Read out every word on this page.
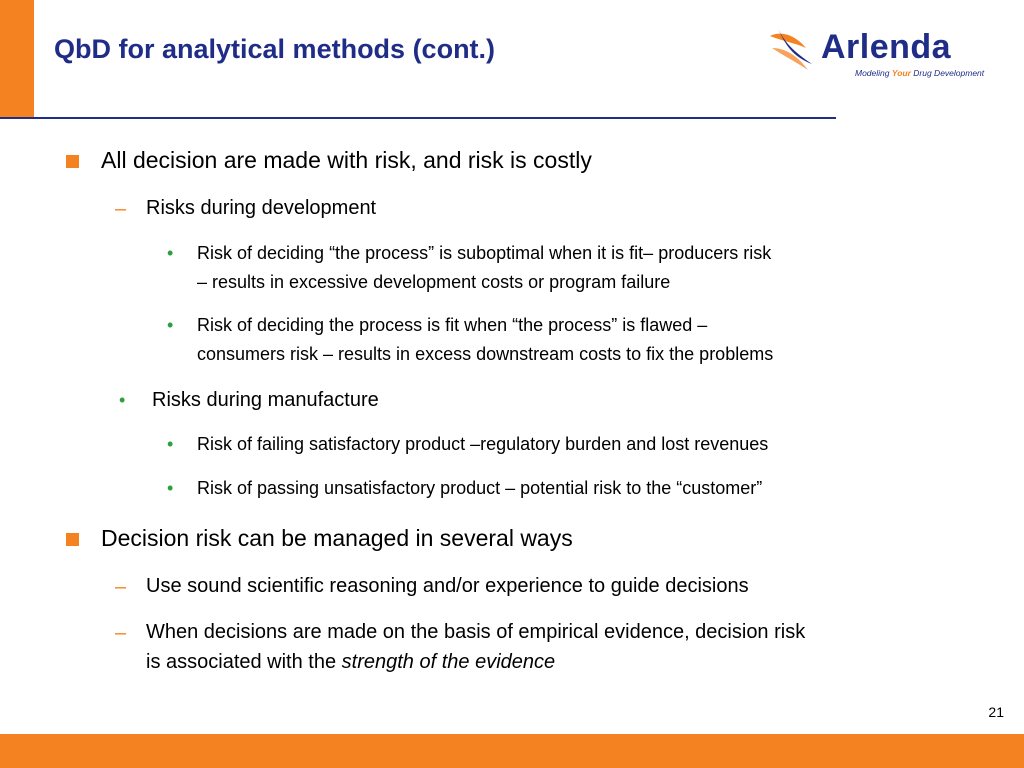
QbD for analytical methods (cont.)	Arlenda
Modeling Your Drug Development
All decision are made with risk, and risk is costly
– Risks during development
• Risk of deciding “the process” is suboptimal when it is fit– producers risk
– results in excessive development costs or program failure
• Risk of deciding the process is fit when “the process” is flawed –
consumers risk – results in excess downstream costs to fix the problems
• Risks during manufacture
• Risk of failing satisfactory product –regulatory burden and lost revenues
• Risk of passing unsatisfactory product – potential risk to the “customer”
Decision risk can be managed in several ways
– Use sound scientific reasoning and/or experience to guide decisions
– When decisions are made on the basis of empirical evidence, decision risk
is associated with the strength of the evidence
21
